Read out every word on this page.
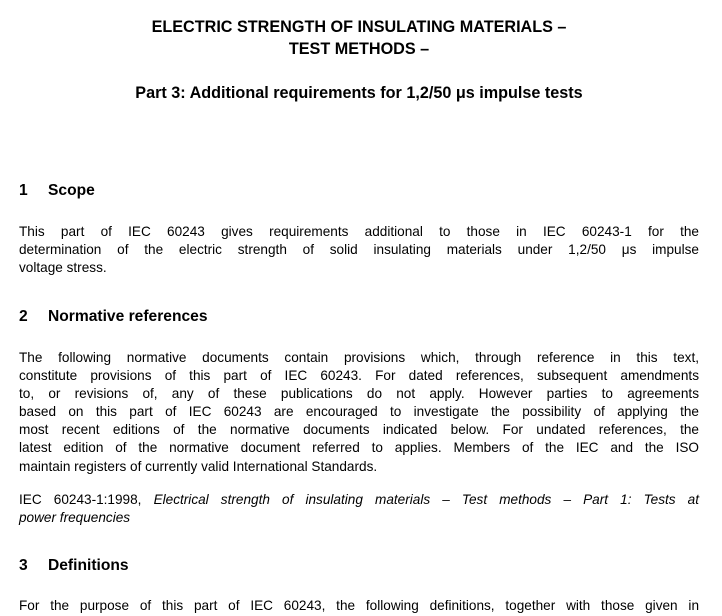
ELECTRIC STRENGTH OF INSULATING MATERIALS –
TEST METHODS –
Part 3: Additional requirements for 1,2/50 μs impulse tests
1 Scope
This part of IEC 60243 gives requirements additional to those in IEC 60243-1 for the
determination of the electric strength of solid insulating materials under 1,2/50 μs impulse
voltage stress.
2 Normative references
The following normative documents contain provisions which, through reference in this text,
constitute provisions of this part of IEC 60243. For dated references, subsequent amendments
to, or revisions of, any of these publications do not apply. However parties to agreements
based on this part of IEC 60243 are encouraged to investigate the possibility of applying the
most recent editions of the normative documents indicated below. For undated references, the
latest edition of the normative document referred to applies. Members of the IEC and the ISO
maintain registers of currently valid International Standards.
IEC 60243-1:1998, Electrical strength of insulating materials – Test methods – Part 1: Tests at
power frequencies
3 Definitions
For the purpose of this part of IEC 60243, the following definitions, together with those given in
